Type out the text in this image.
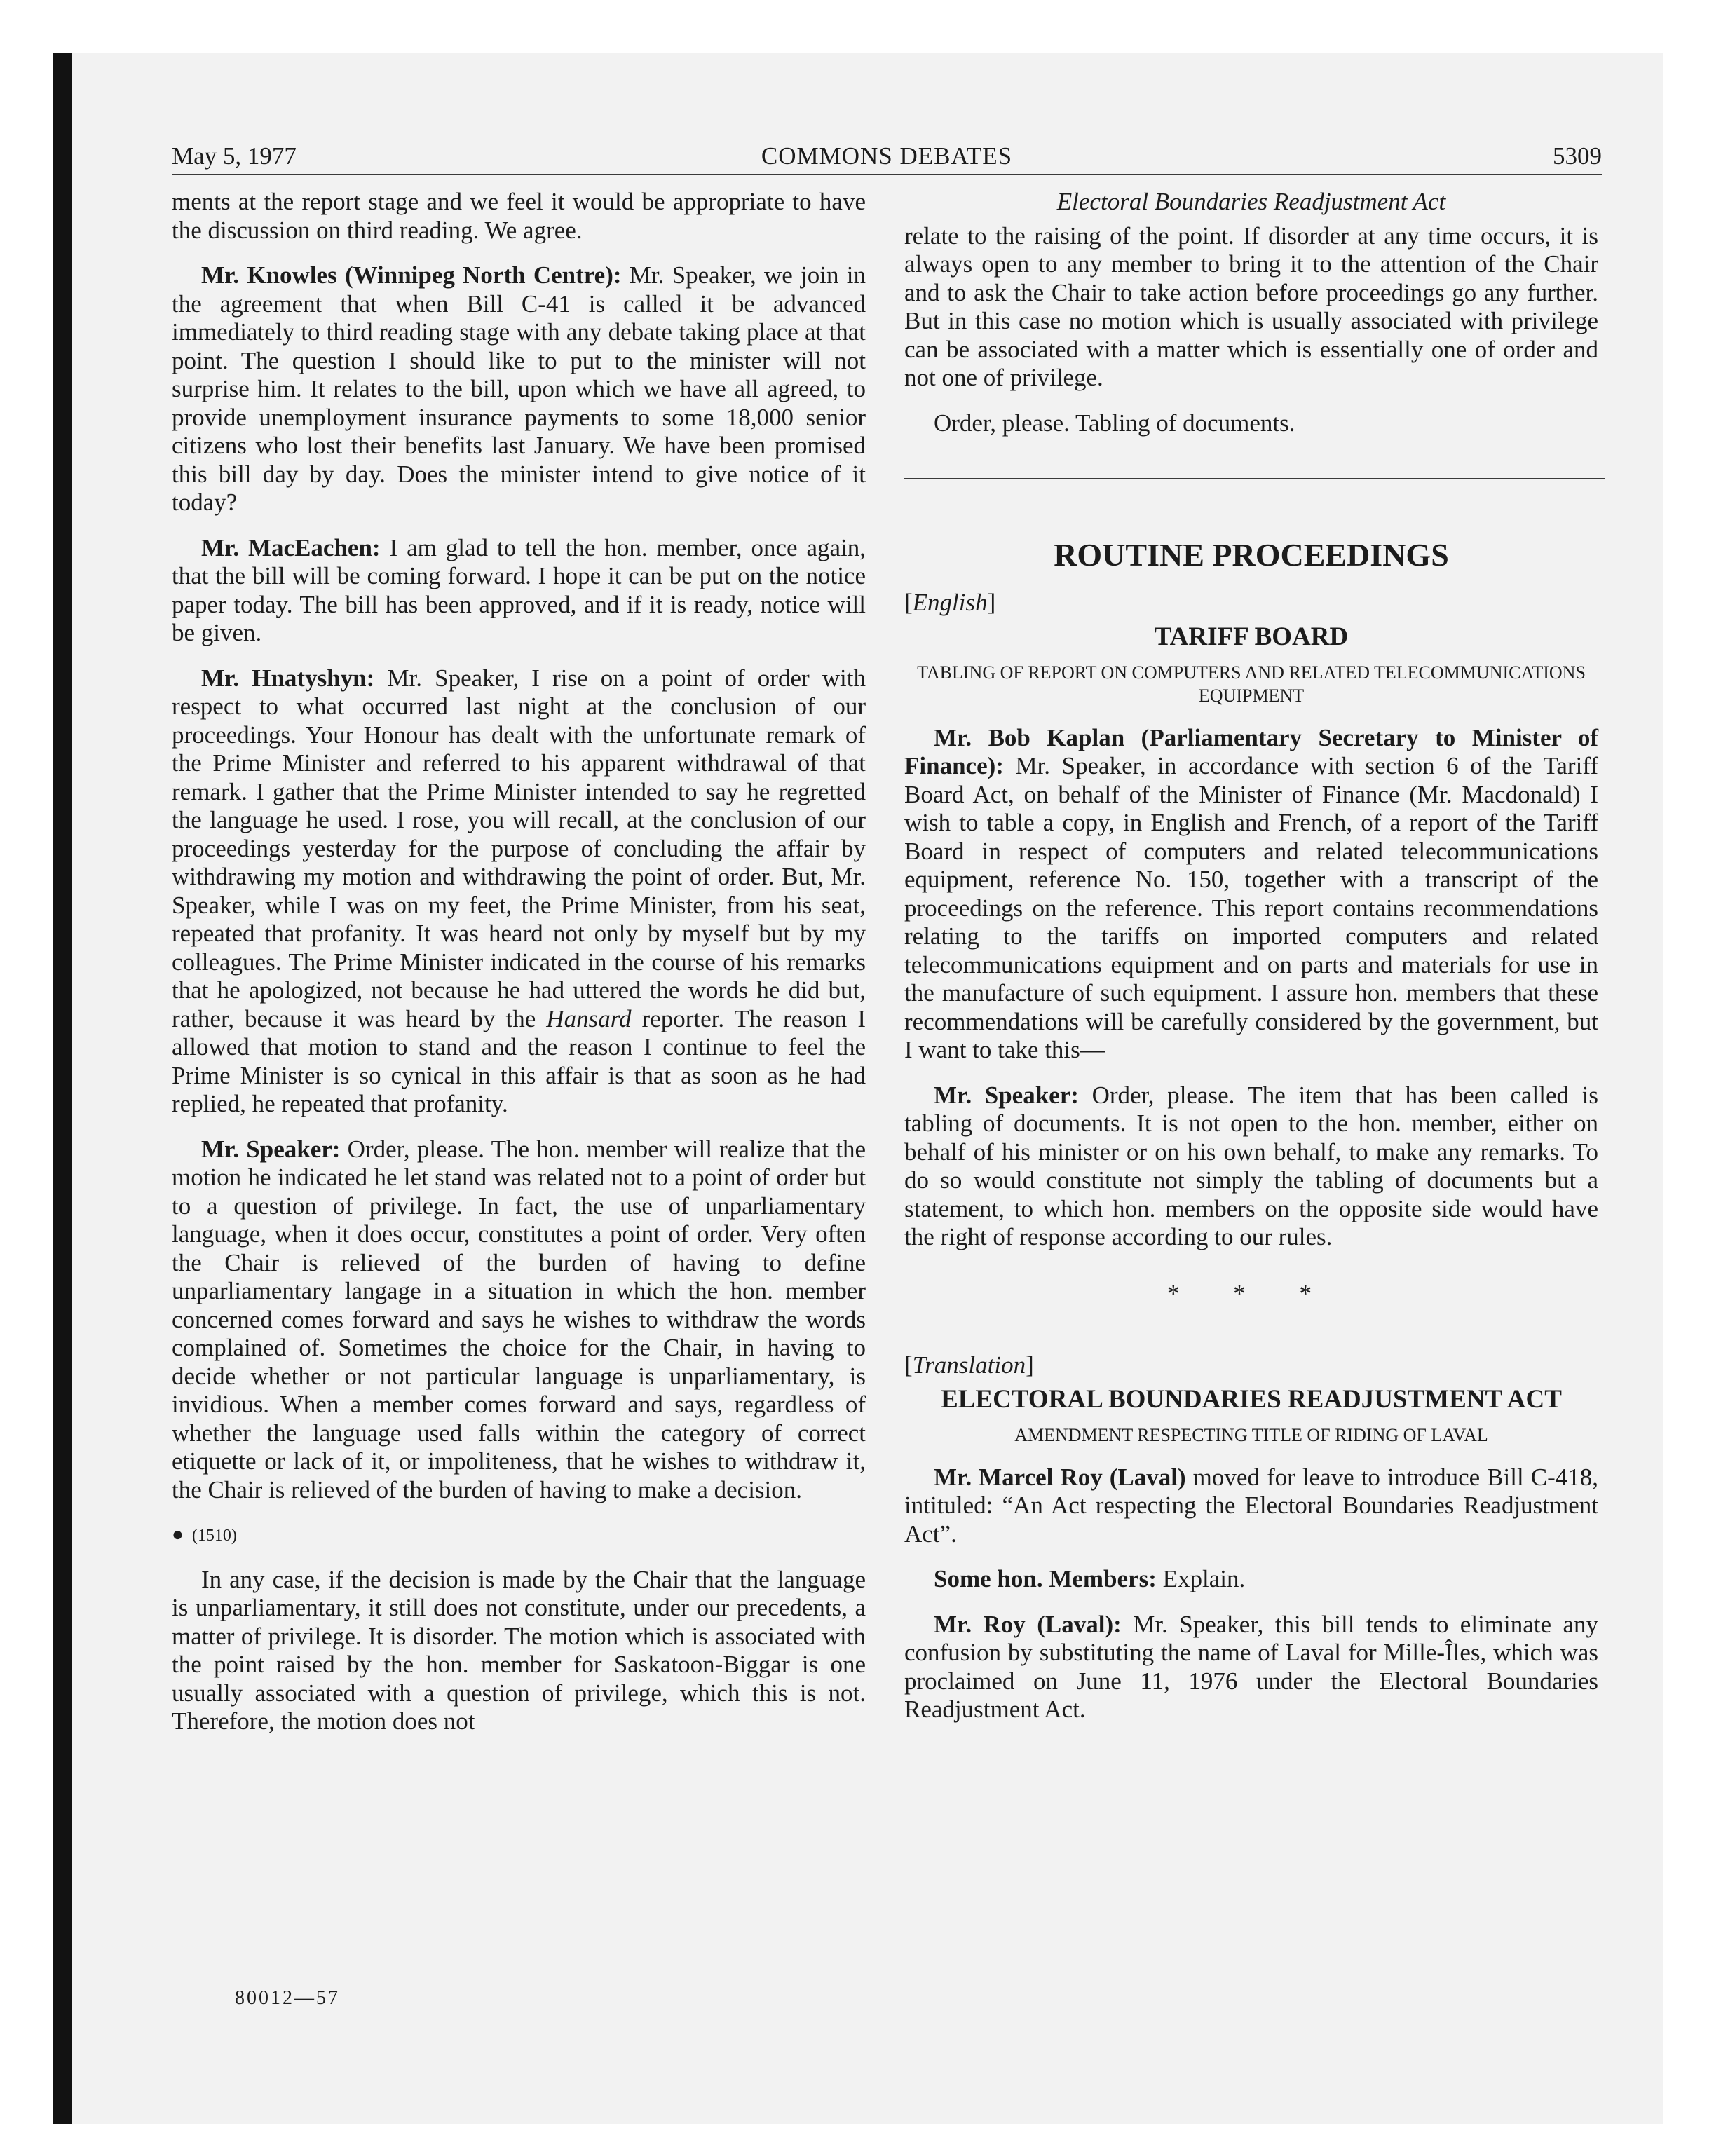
May 5, 1977	COMMONS DEBATES	5309

ments at the report stage and we feel it would be appropriate to have the discussion on third reading. We agree.

Mr. Knowles (Winnipeg North Centre): Mr. Speaker, we join in the agreement that when Bill C-41 is called it be advanced immediately to third reading stage with any debate taking place at that point. The question I should like to put to the minister will not surprise him. It relates to the bill, upon which we have all agreed, to provide unemployment insurance payments to some 18,000 senior citizens who lost their benefits last January. We have been promised this bill day by day. Does the minister intend to give notice of it today?

Mr. MacEachen: I am glad to tell the hon. member, once again, that the bill will be coming forward. I hope it can be put on the notice paper today. The bill has been approved, and if it is ready, notice will be given.

Mr. Hnatyshyn: Mr. Speaker, I rise on a point of order with respect to what occurred last night at the conclusion of our proceedings. Your Honour has dealt with the unfortunate remark of the Prime Minister and referred to his apparent withdrawal of that remark. I gather that the Prime Minister intended to say he regretted the language he used. I rose, you will recall, at the conclusion of our proceedings yesterday for the purpose of concluding the affair by withdrawing my motion and withdrawing the point of order. But, Mr. Speaker, while I was on my feet, the Prime Minister, from his seat, repeated that profanity. It was heard not only by myself but by my colleagues. The Prime Minister indicated in the course of his remarks that he apologized, not because he had uttered the words he did but, rather, because it was heard by the Hansard reporter. The reason I allowed that motion to stand and the reason I continue to feel the Prime Minister is so cynical in this affair is that as soon as he had replied, he repeated that profanity.

Mr. Speaker: Order, please. The hon. member will realize that the motion he indicated he let stand was related not to a point of order but to a question of privilege. In fact, the use of unparliamentary language, when it does occur, constitutes a point of order. Very often the Chair is relieved of the burden of having to define unparliamentary langage in a situation in which the hon. member concerned comes forward and says he wishes to withdraw the words complained of. Sometimes the choice for the Chair, in having to decide whether or not particular language is unparliamentary, is invidious. When a member comes forward and says, regardless of whether the language used falls within the category of correct etiquette or lack of it, or impoliteness, that he wishes to withdraw it, the Chair is relieved of the burden of having to make a decision.

● (1510)

In any case, if the decision is made by the Chair that the language is unparliamentary, it still does not constitute, under our precedents, a matter of privilege. It is disorder. The motion which is associated with the point raised by the hon. member for Saskatoon-Biggar is one usually associated with a question of privilege, which this is not. Therefore, the motion does not

Electoral Boundaries Readjustment Act

relate to the raising of the point. If disorder at any time occurs, it is always open to any member to bring it to the attention of the Chair and to ask the Chair to take action before proceedings go any further. But in this case no motion which is usually associated with privilege can be associated with a matter which is essentially one of order and not one of privilege.

Order, please. Tabling of documents.

ROUTINE PROCEEDINGS
[English]
TARIFF BOARD
TABLING OF REPORT ON COMPUTERS AND RELATED TELECOMMUNICATIONS EQUIPMENT

Mr. Bob Kaplan (Parliamentary Secretary to Minister of Finance): Mr. Speaker, in accordance with section 6 of the Tariff Board Act, on behalf of the Minister of Finance (Mr. Macdonald) I wish to table a copy, in English and French, of a report of the Tariff Board in respect of computers and related telecommunications equipment, reference No. 150, together with a transcript of the proceedings on the reference. This report contains recommendations relating to the tariffs on imported computers and related telecommunications equipment and on parts and materials for use in the manufacture of such equipment. I assure hon. members that these recommendations will be carefully considered by the government, but I want to take this—

Mr. Speaker: Order, please. The item that has been called is tabling of documents. It is not open to the hon. member, either on behalf of his minister or on his own behalf, to make any remarks. To do so would constitute not simply the tabling of documents but a statement, to which hon. members on the opposite side would have the right of response according to our rules.

* * *
[Translation]
ELECTORAL BOUNDARIES READJUSTMENT ACT
AMENDMENT RESPECTING TITLE OF RIDING OF LAVAL

Mr. Marcel Roy (Laval) moved for leave to introduce Bill C-418, intituled: “An Act respecting the Electoral Boundaries Readjustment Act”.

Some hon. Members: Explain.

Mr. Roy (Laval): Mr. Speaker, this bill tends to eliminate any confusion by substituting the name of Laval for Mille-Îles, which was proclaimed on June 11, 1976 under the Electoral Boundaries Readjustment Act.

80012—57
